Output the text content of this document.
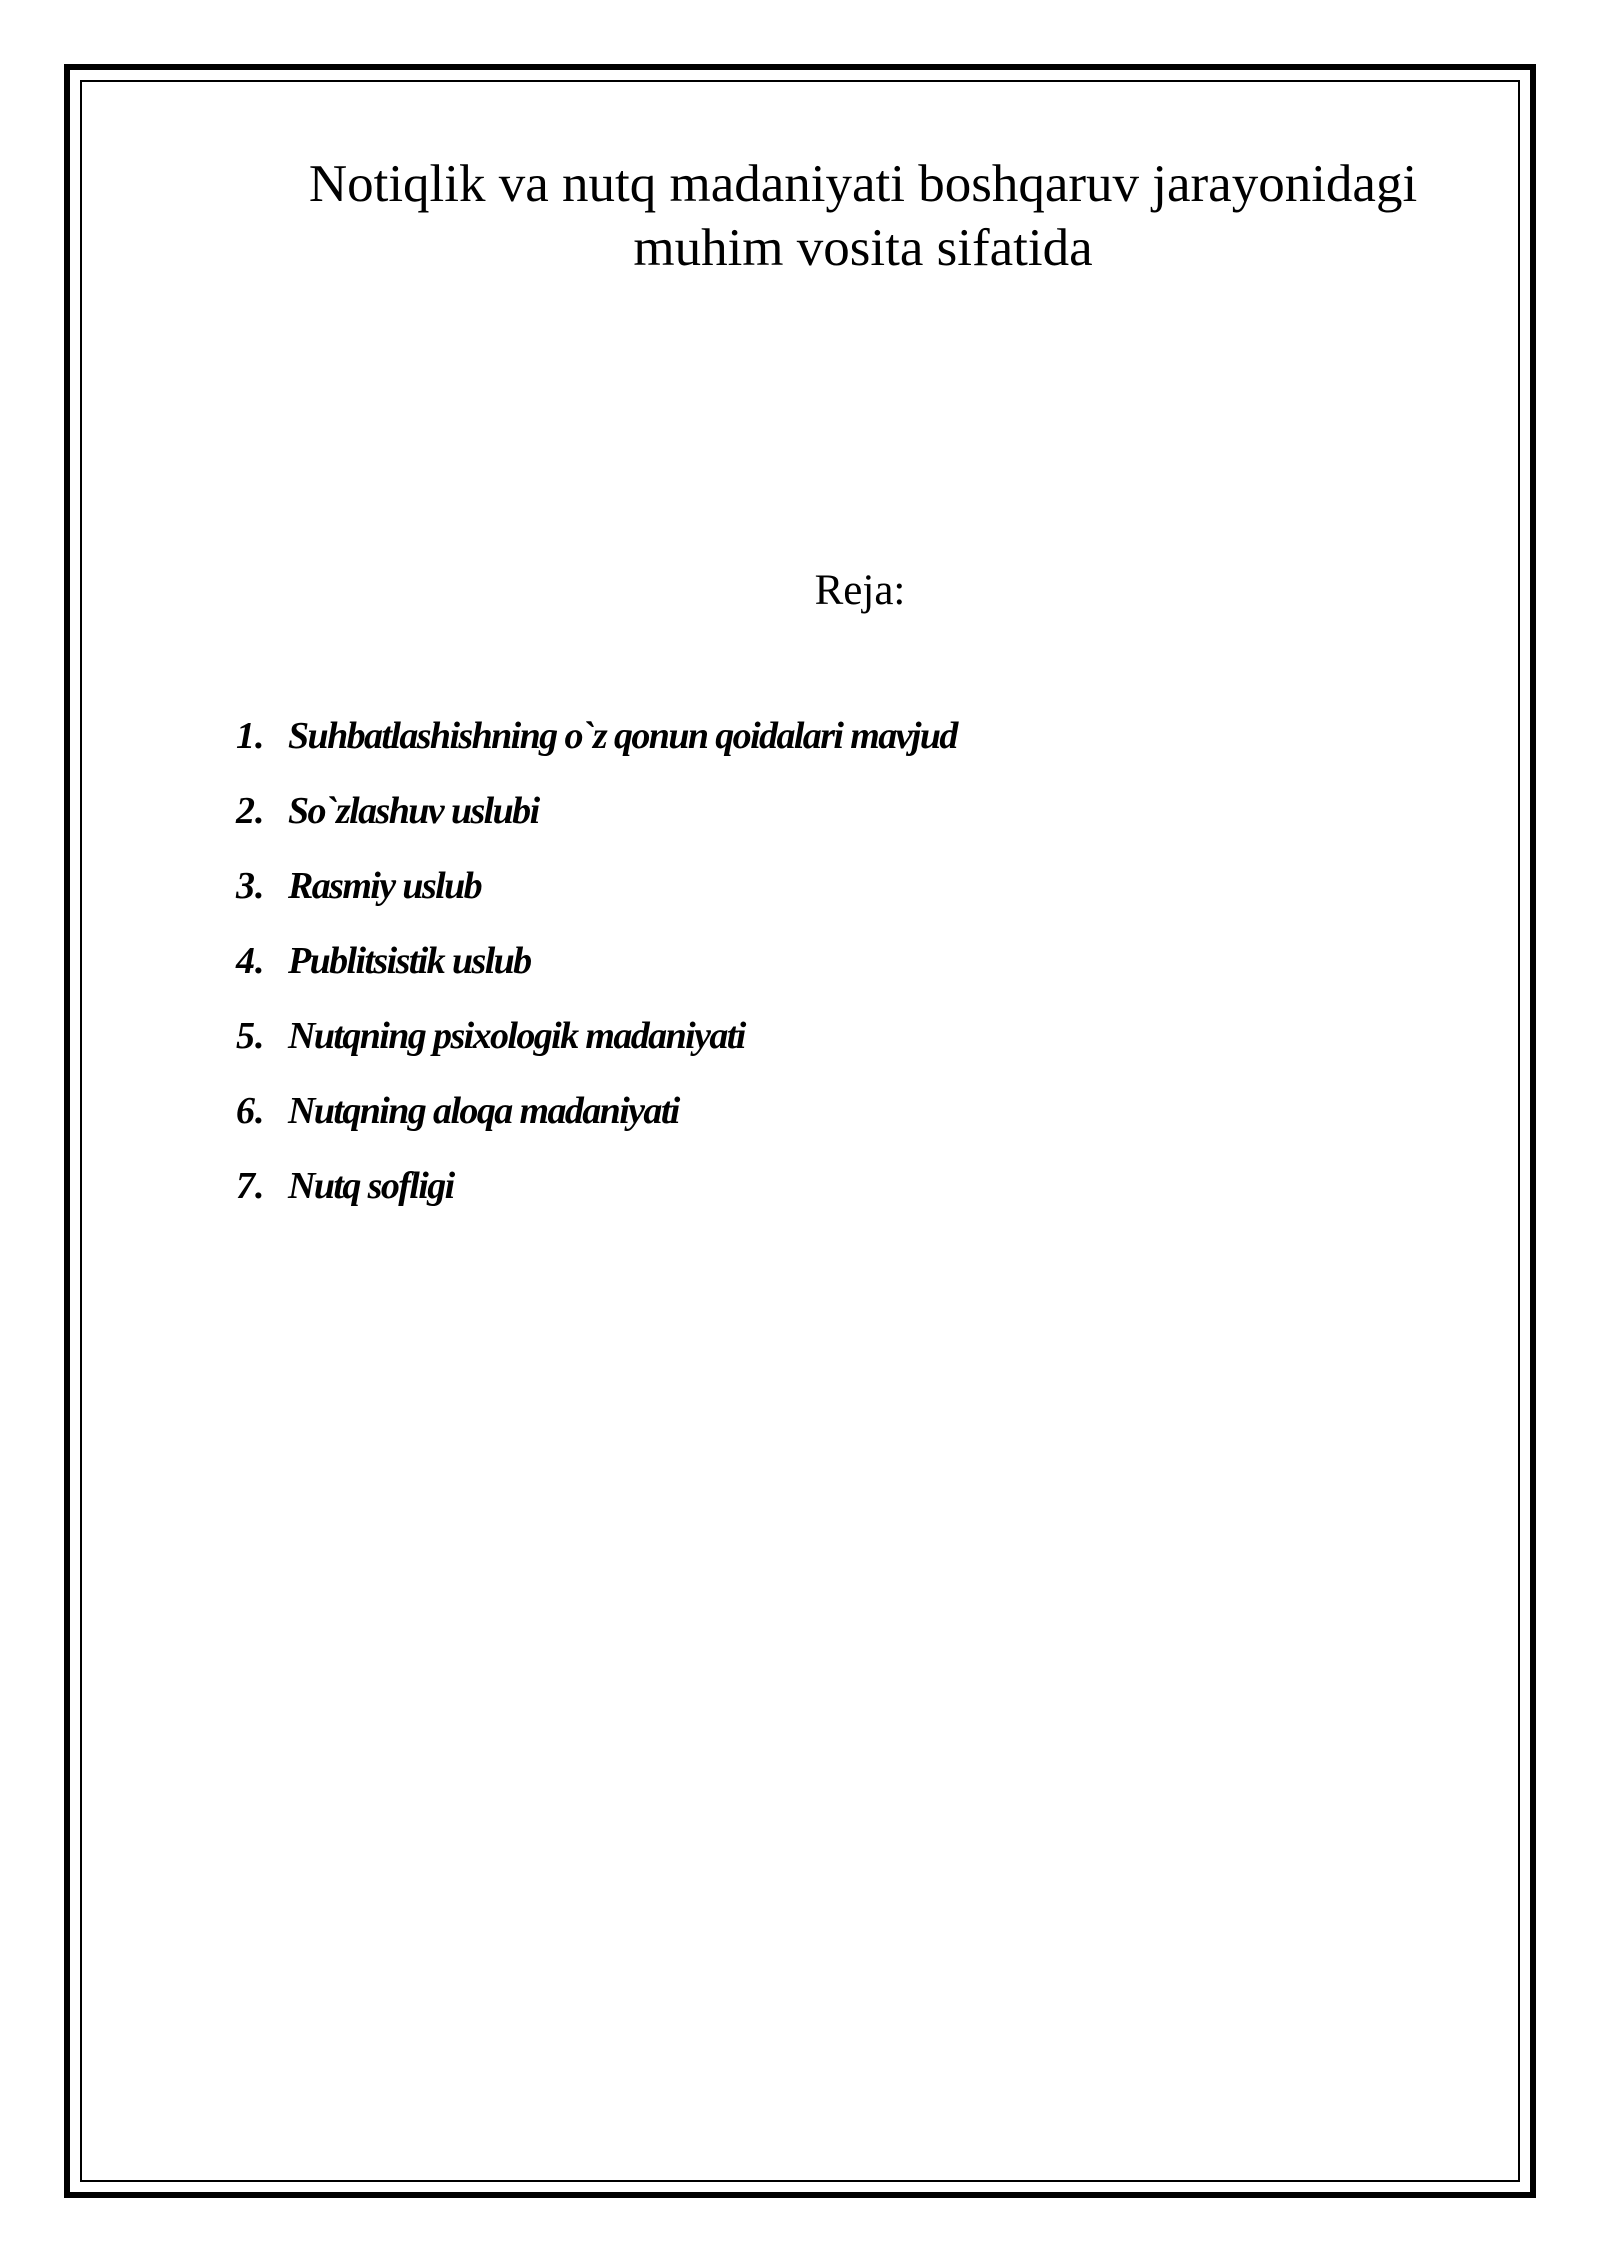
Notiqlik va nutq madaniyati boshqaruv jarayonidagi
muhim vosita sifatida
Reja:
1. Suhbatlashishning o`z qonun qoidalari mavjud
2. So`zlashuv uslubi
3. Rasmiy uslub
4. Publitsistik uslub
5. Nutqning psixologik madaniyati
6. Nutqning aloqa madaniyati
7. Nutq sofligi
